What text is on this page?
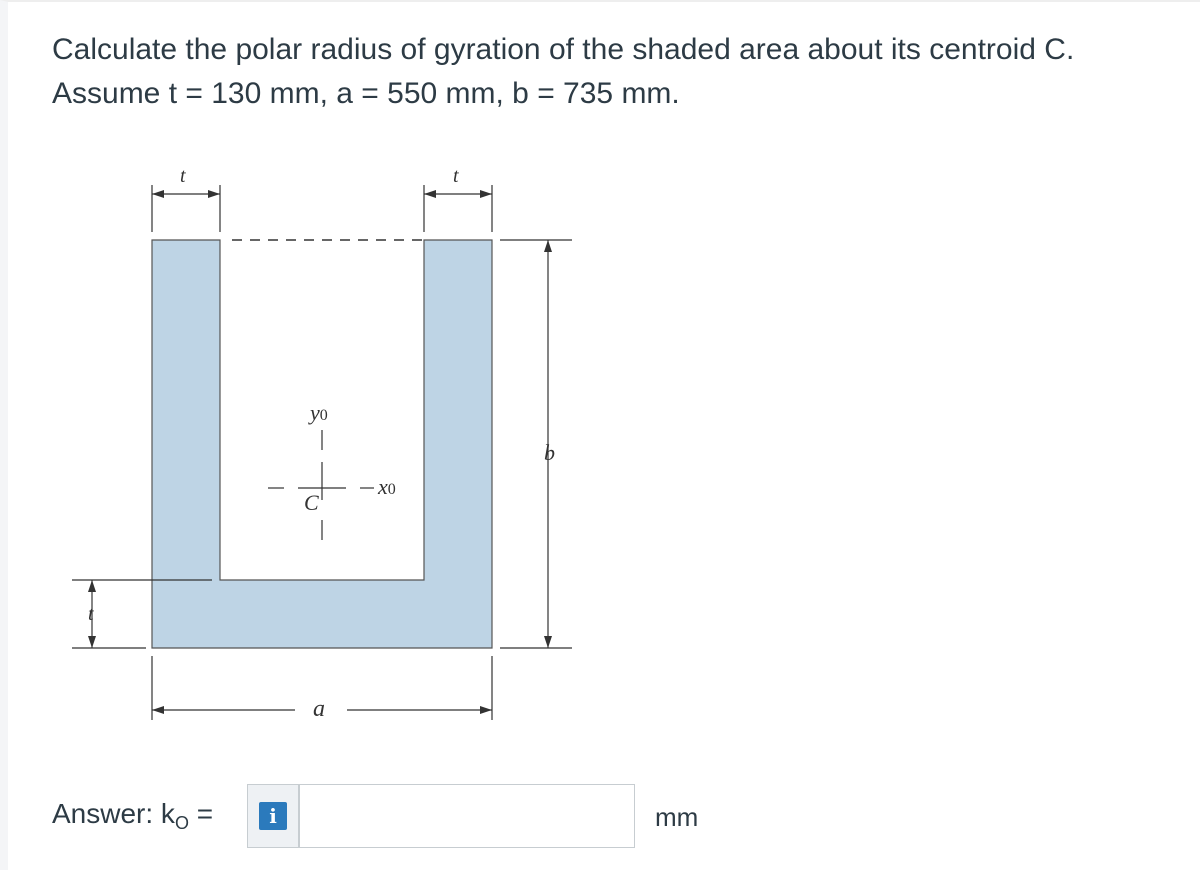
Calculate the polar radius of gyration of the shaded area about its centroid C.
Assume t = 130 mm, a = 550 mm, b = 735 mm.
t	t
b
t
a
y0
x0
C
Answer: $k_O$ =	i	mm
